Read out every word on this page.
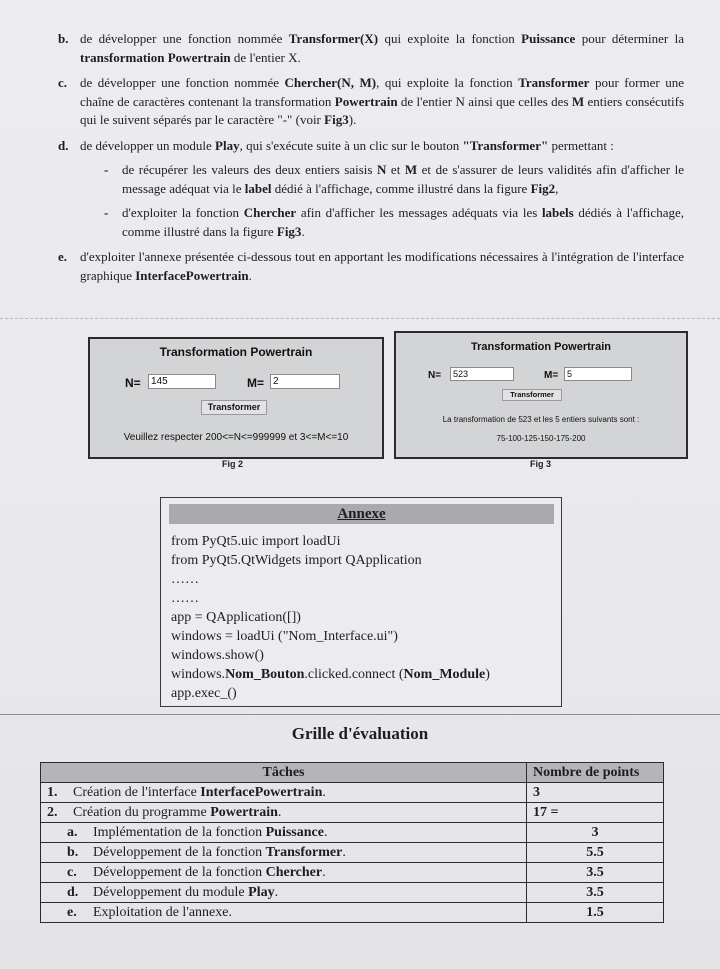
b. de développer une fonction nommée Transformer(X) qui exploite la fonction Puissance pour déterminer la transformation Powertrain de l'entier X.

c. de développer une fonction nommée Chercher(N, M), qui exploite la fonction Transformer pour former une chaîne de caractères contenant la transformation Powertrain de l'entier N ainsi que celles des M entiers consécutifs qui le suivent séparés par le caractère "-" (voir Fig3).

d. de développer un module Play, qui s'exécute suite à un clic sur le bouton "Transformer" permettant :

- de récupérer les valeurs des deux entiers saisis N et M et de s'assurer de leurs validités afin d'afficher le message adéquat via le label dédié à l'affichage, comme illustré dans la figure Fig2,

- d'exploiter la fonction Chercher afin d'afficher les messages adéquats via les labels dédiés à l'affichage, comme illustré dans la figure Fig3.

e. d'exploiter l'annexe présentée ci-dessous tout en apportant les modifications nécessaires à l'intégration de l'interface graphique InterfacePowertrain.

Transformation Powertrain
N=	145	M= 2
Transformer
Veuillez respecter 200<=N<=999999 et 3<=M<=10
Fig 2
Transformation Powertrain
N=	523	M= 5
Transformer
La transformation de 523 et les 5 entiers suivants sont :
75-100-125-150-175-200
Fig 3
Annexe
from PyQt5.uic import loadUi
from PyQt5.QtWidgets import QApplication
……
……
app = QApplication([])
windows = loadUi ("Nom_Interface.ui")
windows.show()
windows.Nom_Bouton.clicked.connect (Nom_Module)
app.exec_()
Grille d'évaluation
Tâches	Nombre de points
1. Création de l'interface InterfacePowertrain.	3
2. Création du programme Powertrain.	17 =
a. Implémentation de la fonction Puissance.	3
b. Développement de la fonction Transformer.	5.5
c. Développement de la fonction Chercher.	3.5
d. Développement du module Play.	3.5
e. Exploitation de l'annexe.	1.5
